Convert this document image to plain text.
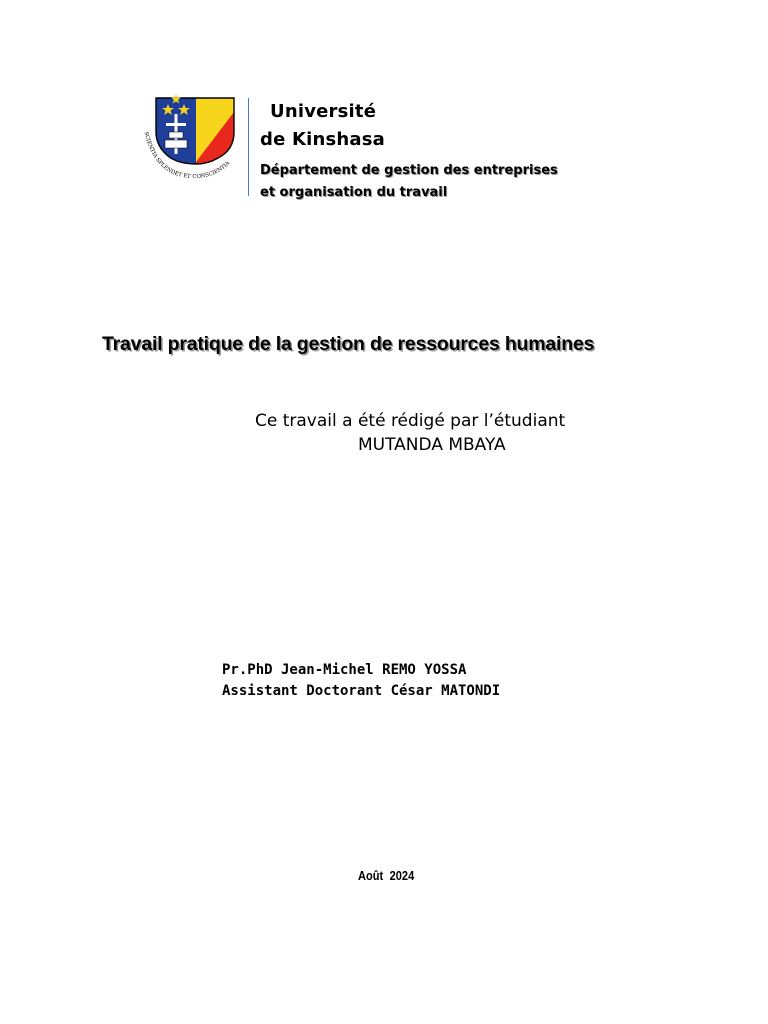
SCIENTIA SPLENDET ET CONSCIENTIA
Université
de Kinshasa
Département de gestion des entreprises
et organisation du travail
Travail pratique de la gestion de ressources humaines
Ce travail a été rédigé par l’étudiant
MUTANDA MBAYA
Pr.PhD Jean-Michel REMO YOSSA
Assistant Doctorant César MATONDI
Août 2024
